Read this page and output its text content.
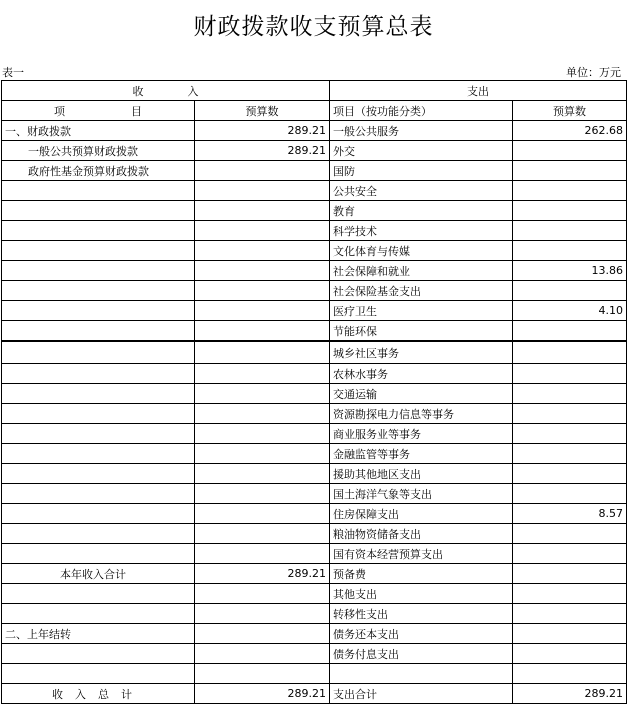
财政拨款收支预算总表
表一	单位：万元
收　　　　入		支出	
项　　　　　　目	预算数	项目（按功能分类）	预算数
一、财政拨款	289.21	一般公共服务	262.68
一般公共预算财政拨款	289.21	外交	
政府性基金预算财政拨款		国防	
		公共安全	
		教育	
		科学技术	
		文化体育与传媒	
		社会保障和就业	13.86
		社会保险基金支出	
		医疗卫生	4.10
		节能环保	
		城乡社区事务	
		农林水事务	
		交通运输	
		资源勘探电力信息等事务	
		商业服务业等事务	
		金融监管等事务	
		援助其他地区支出	
		国土海洋气象等支出	
		住房保障支出	8.57
		粮油物资储备支出	
		国有资本经营预算支出	
本年收入合计	289.21	预备费	
		其他支出	
		转移性支出	
二、上年结转		债务还本支出	
		债务付息支出	

收入总计	289.21	支出合计	289.21
